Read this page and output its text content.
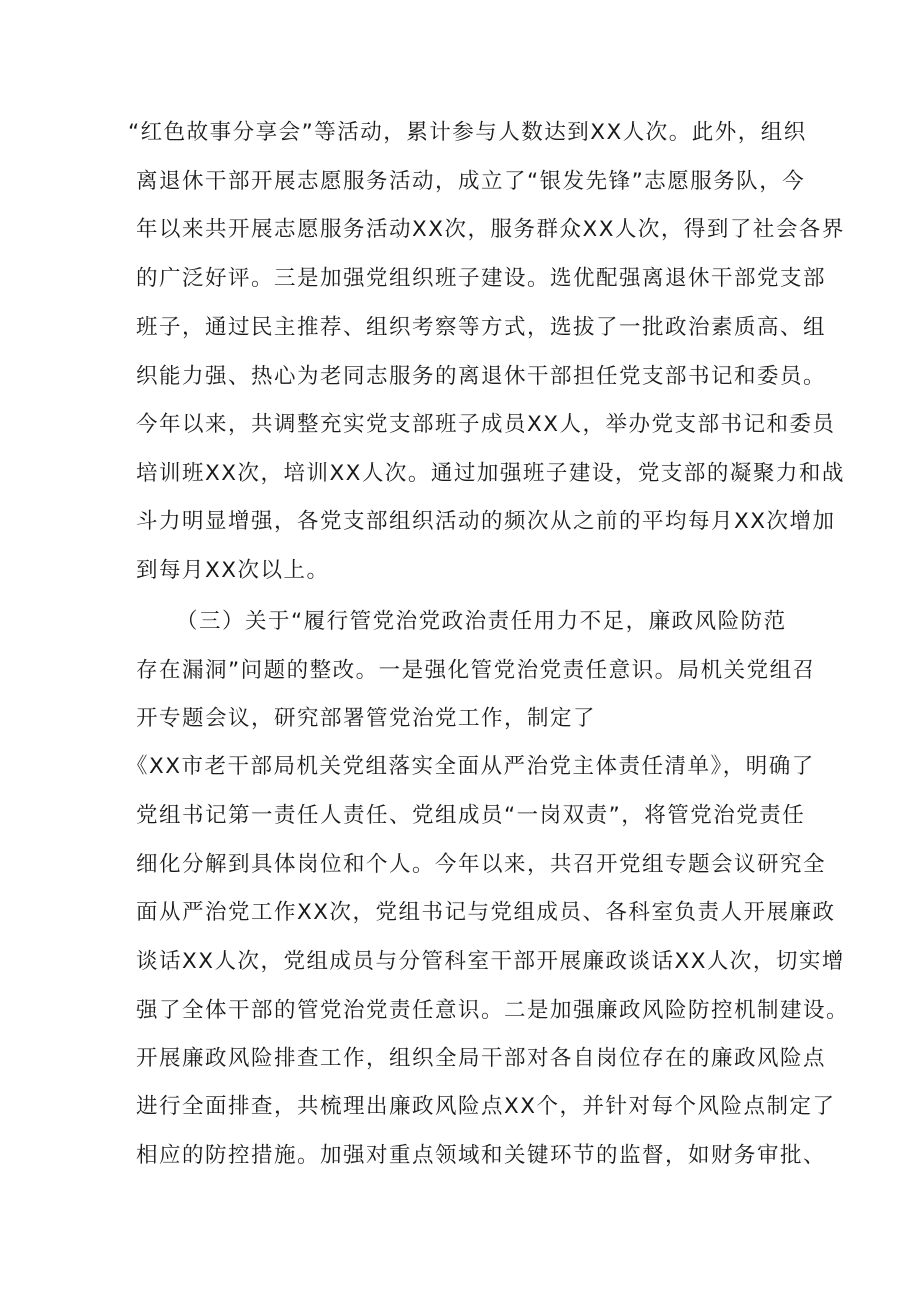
“红色故事分享会”等活动，累计参与人数达到XX人次。此外，组织
离退休干部开展志愿服务活动，成立了“银发先锋”志愿服务队，今
年以来共开展志愿服务活动XX次，服务群众XX人次，得到了社会各界
的广泛好评。三是加强党组织班子建设。选优配强离退休干部党支部
班子，通过民主推荐、组织考察等方式，选拔了一批政治素质高、组
织能力强、热心为老同志服务的离退休干部担任党支部书记和委员。
今年以来，共调整充实党支部班子成员XX人，举办党支部书记和委员
培训班XX次，培训XX人次。通过加强班子建设，党支部的凝聚力和战
斗力明显增强，各党支部组织活动的频次从之前的平均每月XX次增加
到每月XX次以上。
（三）关于“履行管党治党政治责任用力不足，廉政风险防范
存在漏洞”问题的整改。一是强化管党治党责任意识。局机关党组召
开专题会议，研究部署管党治党工作，制定了
《XX市老干部局机关党组落实全面从严治党主体责任清单》，明确了
党组书记第一责任人责任、党组成员“一岗双责”，将管党治党责任
细化分解到具体岗位和个人。今年以来，共召开党组专题会议研究全
面从严治党工作XX次，党组书记与党组成员、各科室负责人开展廉政
谈话XX人次，党组成员与分管科室干部开展廉政谈话XX人次，切实增
强了全体干部的管党治党责任意识。二是加强廉政风险防控机制建设。
开展廉政风险排查工作，组织全局干部对各自岗位存在的廉政风险点
进行全面排查，共梳理出廉政风险点XX个，并针对每个风险点制定了
相应的防控措施。加强对重点领域和关键环节的监督，如财务审批、
